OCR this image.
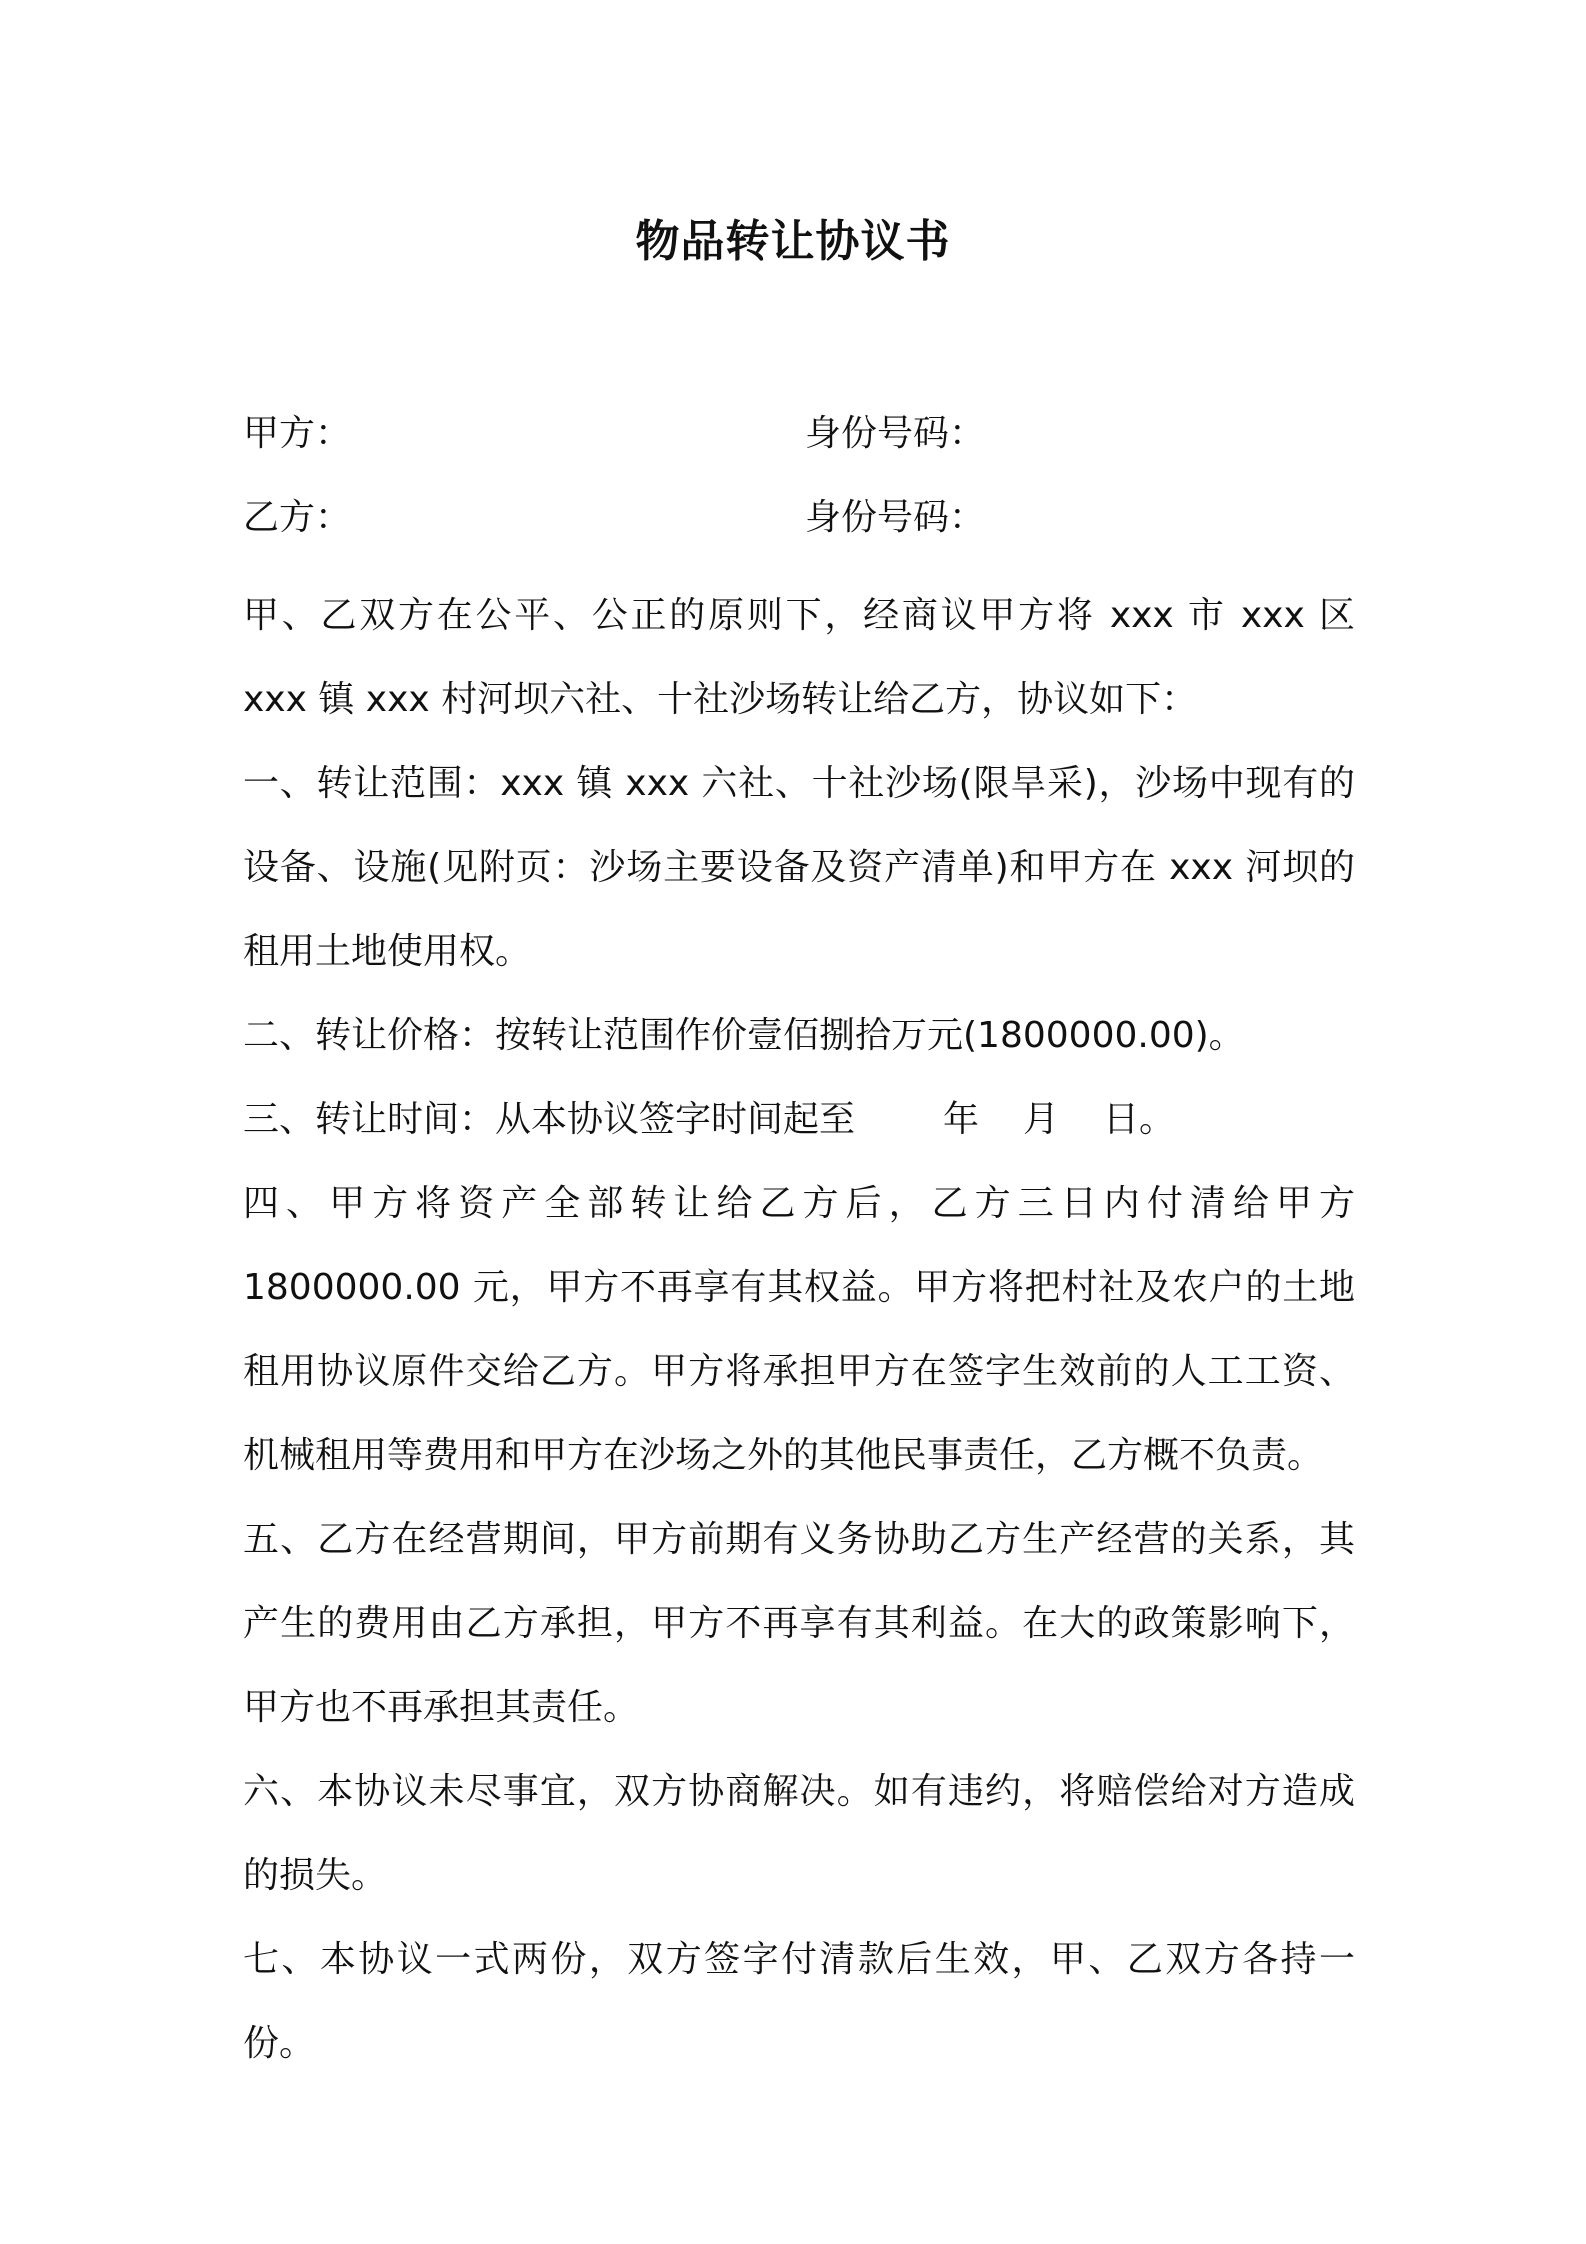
物品转让协议书
甲方：	身份号码：
乙方：	身份号码：

甲、乙双方在公平、公正的原则下，经商议甲方将 xxx 市 xxx 区 xxx 镇 xxx 村河坝六社、十社沙场转让给乙方，协议如下：

一、转让范围：xxx 镇 xxx 六社、十社沙场(限旱采)，沙场中现有的设备、设施(见附页：沙场主要设备及资产清单)和甲方在 xxx 河坝的租用土地使用权。

二、转让价格：按转让范围作价壹佰捌拾万元(1800000.00)。

三、转让时间：从本协议签字时间起至 年 月 日。

四、甲方将资产全部转让给乙方后，乙方三日内付清给甲方 1800000.00 元，甲方不再享有其权益。甲方将把村社及农户的土地租用协议原件交给乙方。甲方将承担甲方在签字生效前的人工工资、机械租用等费用和甲方在沙场之外的其他民事责任，乙方概不负责。

五、乙方在经营期间，甲方前期有义务协助乙方生产经营的关系，其产生的费用由乙方承担，甲方不再享有其利益。在大的政策影响下，甲方也不再承担其责任。

六、本协议未尽事宜，双方协商解决。如有违约，将赔偿给对方造成的损失。

七、本协议一式两份，双方签字付清款后生效，甲、乙双方各持一份。
